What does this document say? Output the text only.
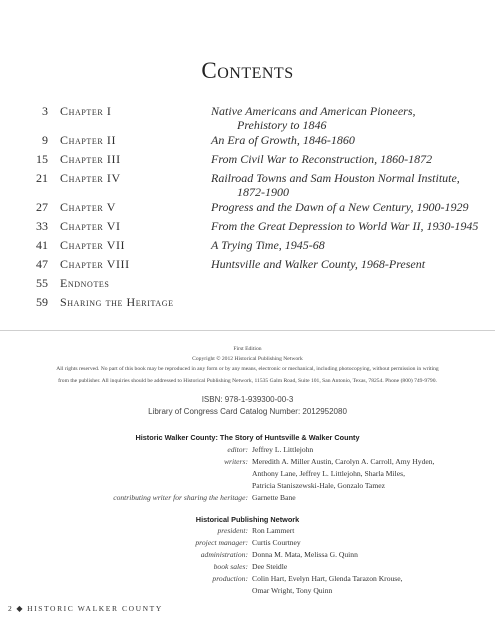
Contents
3 Chapter I	Native Americans and American Pioneers,
Prehistory to 1846
9 Chapter II	An Era of Growth, 1846-1860
15 Chapter III	From Civil War to Reconstruction, 1860-1872
21 Chapter IV	Railroad Towns and Sam Houston Normal Institute,
1872-1900
27 Chapter V	Progress and the Dawn of a New Century, 1900-1929
33 Chapter VI	From the Great Depression to World War II, 1930-1945
41 Chapter VII	A Trying Time, 1945-68
47 Chapter VIII	Huntsville and Walker County, 1968-Present
55 Endnotes
59 Sharing the Heritage
First Edition
Copyright © 2012 Historical Publishing Network
All rights reserved. No part of this book may be reproduced in any form or by any means, electronic or mechanical, including photocopying, without permission in writing
from the publisher. All inquiries should be addressed to Historical Publishing Network, 11535 Galm Road, Suite 101, San Antonio, Texas, 78254. Phone (800) 749-9790.
ISBN: 978-1-939300-00-3
Library of Congress Card Catalog Number: 2012952080
Historic Walker County: The Story of Huntsville & Walker County
editor: Jeffrey L. Littlejohn
writers: Meredith A. Miller Austin, Carolyn A. Carroll, Amy Hyden,
Anthony Lane, Jeffrey L. Littlejohn, Sharla Miles,
Patricia Staniszewski-Hale, Gonzalo Tamez
contributing writer for sharing the heritage: Garnette Bane
Historical Publishing Network
president: Ron Lammert
project manager: Curtis Courtney
administration: Donna M. Mata, Melissa G. Quinn
book sales: Dee Steidle
production: Colin Hart, Evelyn Hart, Glenda Tarazon Krouse,
Omar Wright, Tony Quinn
2 ◆ HISTORIC WALKER COUNTY
